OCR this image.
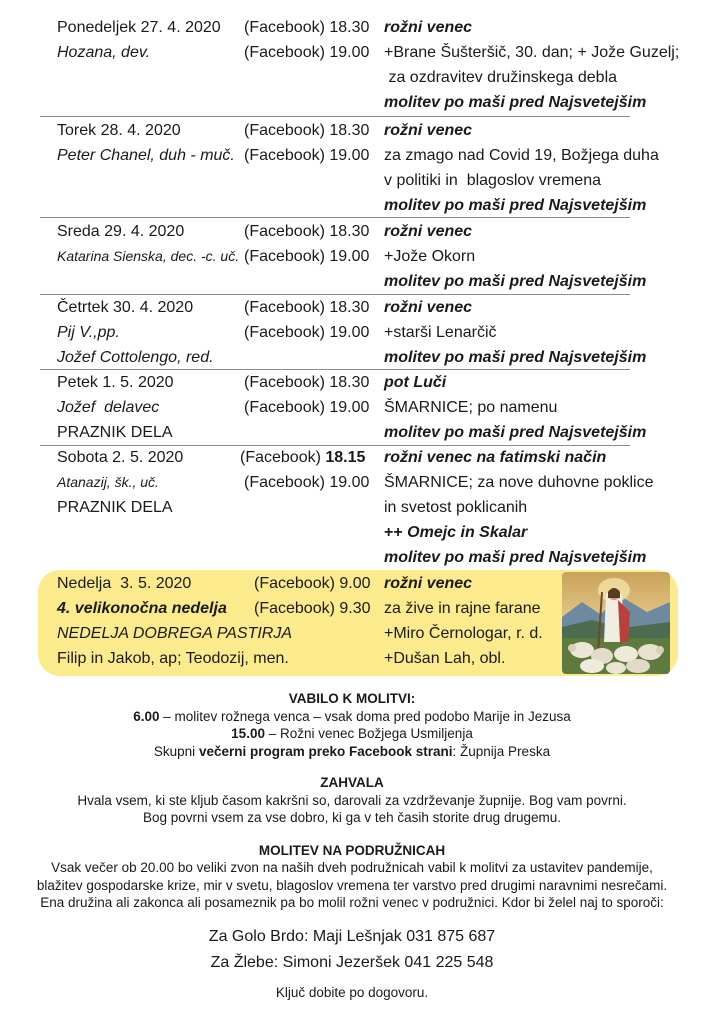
Ponedeljek 27. 4. 2020 (Facebook) 18.30 rožni venec
Hozana, dev.	(Facebook) 19.00 +Brane Šušteršič, 30. dan; + Jože Guzelj;
za ozdravitev družinskega debla
molitev po maši pred Najsvetejšim
Torek 28. 4. 2020	(Facebook) 18.30 rožni venec
Peter Chanel, duh - muč. (Facebook) 19.00 za zmago nad Covid 19, Božjega duha
v politiki in  blagoslov vremena
molitev po maši pred Najsvetejšim
Sreda 29. 4. 2020	(Facebook) 18.30 rožni venec
Katarina Sienska, dec. -c. uč. (Facebook) 19.00 +Jože Okorn
molitev po maši pred Najsvetejšim
Četrtek 30. 4. 2020	(Facebook) 18.30 rožni venec
Pij V.,pp.	(Facebook) 19.00 +starši Lenarčič
Jožef Cottolengo, red.	molitev po maši pred Najsvetejšim
Petek 1. 5. 2020	(Facebook) 18.30 pot Luči
Jožef  delavec	(Facebook) 19.00 ŠMARNICE; po namenu
PRAZNIK DELA	molitev po maši pred Najsvetejšim
Sobota 2. 5. 2020	(Facebook) 18.15 rožni venec na fatimski način
Atanazij, šk., uč.	(Facebook) 19.00 ŠMARNICE; za nove duhovne poklice
PRAZNIK DELA	in svetost poklicanih
++ Omejc in Skalar
molitev po maši pred Najsvetejšim
Nedelja  3. 5. 2020	(Facebook) 9.00 rožni venec
4. velikonočna nedelja (Facebook) 9.30 za žive in rajne farane
NEDELJA DOBREGA PASTIRJA	+Miro Černologar, r. d.
Filip in Jakob, ap; Teodozij, men.	+Dušan Lah, obl.
VABILO K MOLITVI:

6.00 – molitev rožnega venca – vsak doma pred podobo Marije in Jezusa

15.00 – Rožni venec Božjega Usmiljenja

Skupni večerni program preko Facebook strani: Župnija Preska

ZAHVALA

Hvala vsem, ki ste kljub časom kakršni so, darovali za vzdrževanje župnije. Bog vam povrni.

Bog povrni vsem za vse dobro, ki ga v teh časih storite drug drugemu.

MOLITEV NA PODRUŽNICAH

Vsak večer ob 20.00 bo veliki zvon na naših dveh podružnicah vabil k molitvi za ustavitev pandemije,

blažitev gospodarske krize, mir v svetu, blagoslov vremena ter varstvo pred drugimi naravnimi nesrečami.

Ena družina ali zakonca ali posameznik pa bo molil rožni venec v podružnici. Kdor bi želel naj to sporoči:

Za Golo Brdo: Maji Lešnjak 031 875 687
Za Žlebe: Simoni Jezeršek 041 225 548

Ključ dobite po dogovoru.
